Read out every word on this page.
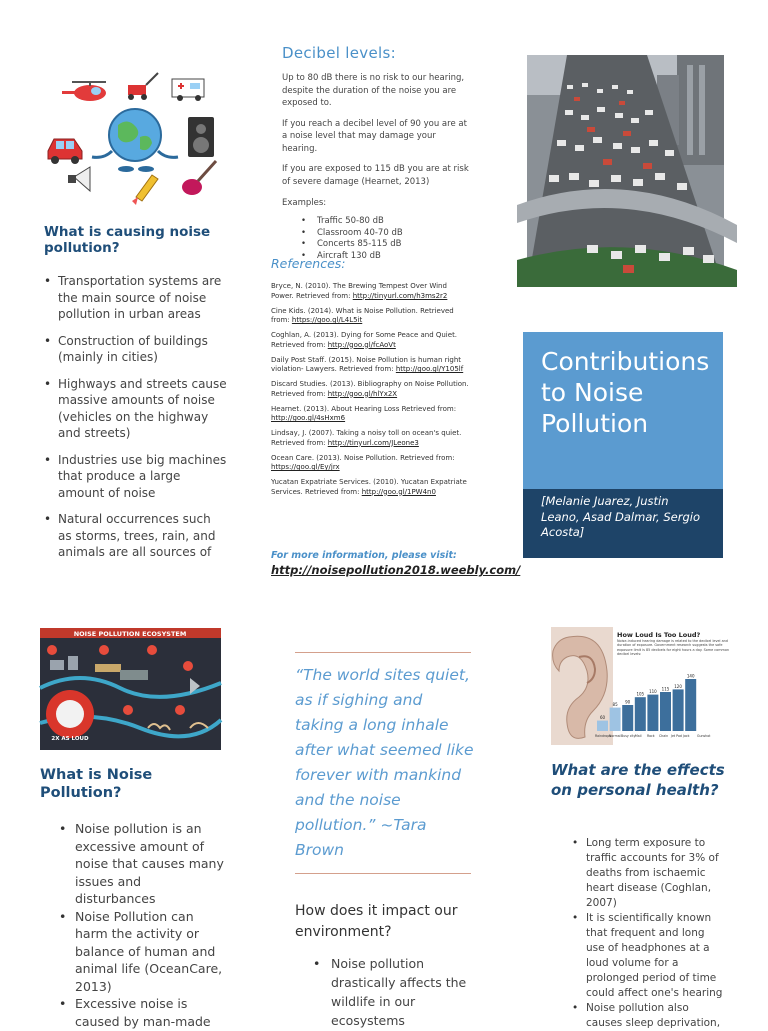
What is causing noise pollution?
• Transportation systems are the main source of noise pollution in urban areas
• Construction of buildings (mainly in cities)
• Highways and streets cause massive amounts of noise (vehicles on the highway and streets)
• Industries use big machines that produce a large amount of noise
• Natural occurrences such as storms, trees, rain, and animals are all sources of
Decibel levels:

Up to 80 dB there is no risk to our hearing, despite the duration of the noise you are exposed to.

If you reach a decibel level of 90 you are at a noise level that may damage your hearing.

If you are exposed to 115 dB you are at risk of severe damage (Hearnet, 2013)

Examples:
• Traffic 50-80 dB
• Classroom 40-70 dB
• Concerts 85-115 dB
• Aircraft 130 dB
References:
Bryce, N. (2010). The Brewing Tempest Over Wind Power. Retrieved from: http://tinyurl.com/h3ms2r2
Cine Kids. (2014). What is Noise Pollution. Retrieved from: https://goo.gl/L4L5it
Coghlan, A. (2013). Dying for Some Peace and Quiet. Retrieved from: http://goo.gl/fcAoVt
Daily Post Staff. (2015). Noise Pollution is human right violation- Lawyers. Retrieved from: http://goo.gl/Y105lf
Discard Studies. (2013). Bibliography on Noise Pollution. Retrieved from: http://goo.gl/hlYx2X
Hearnet. (2013). About Hearing Loss Retrieved from: http://goo.gl/4sHxm6
Lindsay, J. (2007). Taking a noisy toll on ocean's quiet. Retrieved from: http://tinyurl.com/JLeone3
Ocean Care. (2013). Noise Pollution. Retrieved from: https://goo.gl/Ey/jrx
Yucatan Expatriate Services. (2010). Yucatan Expatriate Services. Retrieved from: http://goo.gl/1PW4n0
For more information, please visit:
http://noisepollution2018.weebly.com/
Contributions to Noise Pollution
[Melanie Juarez, Justin Leano, Asad Dalmar, Sergio Acosta]
NOISE POLLUTION ECOSYSTEM
2X AS LOUD
What is Noise Pollution?
• Noise pollution is an excessive amount of noise that causes many issues and disturbances
• Noise Pollution can harm the activity or balance of human and animal life (OceanCare, 2013)
• Excessive noise is caused by man-made
“The world sites quiet, as if sighing and taking a long inhale after what seemed like forever with mankind and the noise pollution.” ~Tara Brown
How does it impact our environment?
• Noise pollution drastically affects the wildlife in our ecosystems
How Loud Is Too Loud?
Noise-induced hearing damage is related to the decibel level and duration of exposure. Government research suggests the safe exposure limit is 85 decibels for eight hours a day. Some common decibel levels:
60
85
90
105
110
115
120
140
Raindrops
Normal Busy city Mail Rock Chain Jet Pod Jack Gunshot
What are the effects on personal health?
• Long term exposure to traffic accounts for 3% of deaths from ischaemic heart disease (Coghlan, 2007)
• It is scientifically known that frequent and long use of headphones at a loud volume for a prolonged period of time could affect one's hearing
• Noise pollution also causes sleep deprivation,
